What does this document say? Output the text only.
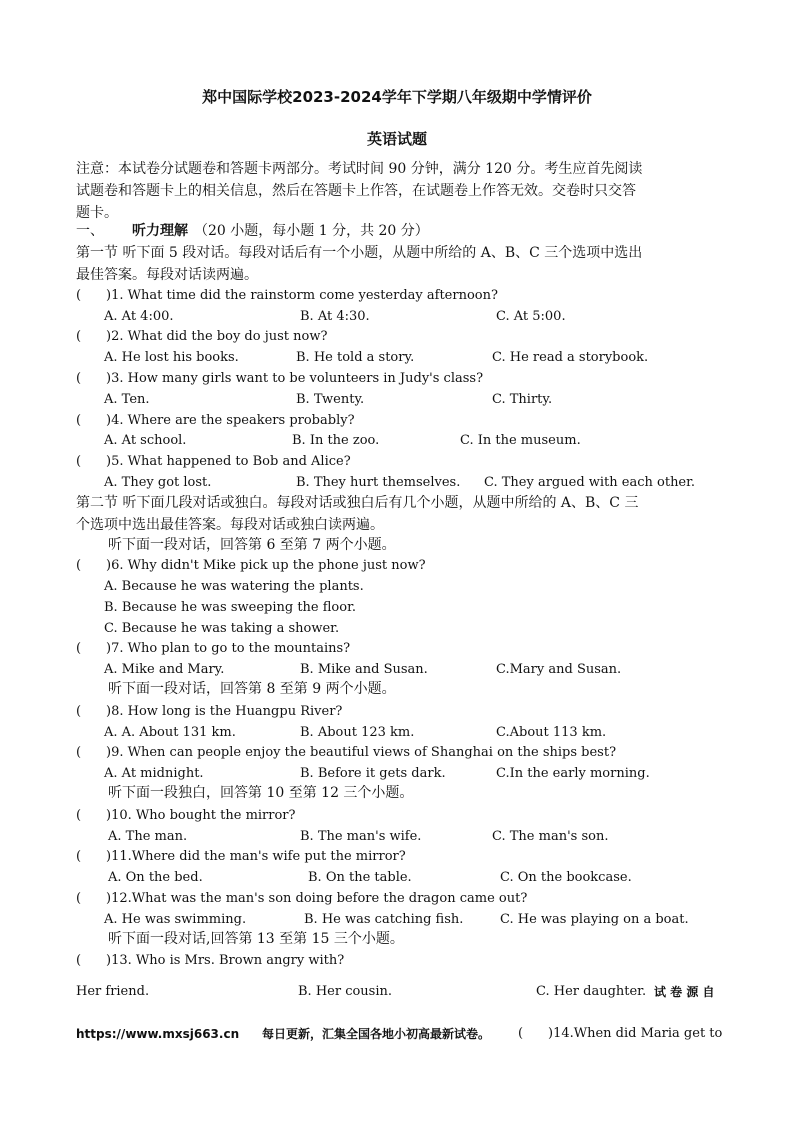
郑中国际学校2023-2024学年下学期八年级期中学情评价
英语试题
注意：本试卷分试题卷和答题卡两部分。考试时间 90 分钟，满分 120 分。考生应首先阅读
试题卷和答题卡上的相关信息，然后在答题卡上作答，在试题卷上作答无效。交卷时只交答
题卡。
一、 听力理解 （20 小题，每小题 1 分，共 20 分）
第一节 听下面 5 段对话。每段对话后有一个小题，从题中所给的 A、B、C 三个选项中选出
最佳答案。每段对话读两遍。
( )1. What time did the rainstorm come yesterday afternoon?
A. At 4:00.	B. At 4:30.	C. At 5:00.
( )2. What did the boy do just now?
A. He lost his books.	B. He told a story.	C. He read a storybook.
( )3. How many girls want to be volunteers in Judy's class?
A. Ten.	B. Twenty.	C. Thirty.
( )4. Where are the speakers probably?
A. At school.	B. In the zoo.	C. In the museum.
( )5. What happened to Bob and Alice?
A. They got lost.	B. They hurt themselves. C. They argued with each other.
第二节 听下面几段对话或独白。每段对话或独白后有几个小题，从题中所给的 A、B、C 三
个选项中选出最佳答案。每段对话或独白读两遍。
听下面一段对话，回答第 6 至第 7 两个小题。
( )6. Why didn't Mike pick up the phone just now?
A. Because he was watering the plants.
B. Because he was sweeping the floor.
C. Because he was taking a shower.
( )7. Who plan to go to the mountains?
A. Mike and Mary.	B. Mike and Susan.	C.Mary and Susan.
听下面一段对话，回答第 8 至第 9 两个小题。
( )8. How long is the Huangpu River?
A. A. About 131 km.	B. About 123 km.	C.About 113 km.
( )9. When can people enjoy the beautiful views of Shanghai on the ships best?
A. At midnight.	B. Before it gets dark.	C.In the early morning.
听下面一段独白，回答第 10 至第 12 三个小题。
( )10. Who bought the mirror?
A. The man.	B. The man's wife.	C. The man's son.
( )11.Where did the man's wife put the mirror?
A. On the bed.	B. On the table.	C. On the bookcase.
( )12.What was the man's son doing before the dragon came out?
A. He was swimming.	B. He was catching fish.	C. He was playing on a boat.
听下面一段对话,回答第 13 至第 15 三个小题。
( )13. Who is Mrs. Brown angry with?
Her friend.	B. Her cousin.	C. Her daughter. 试 卷 源 自
https://www.mxsj663.cn 每日更新，汇集全国各地小初高最新试卷。 ( )14.When did Maria get to
